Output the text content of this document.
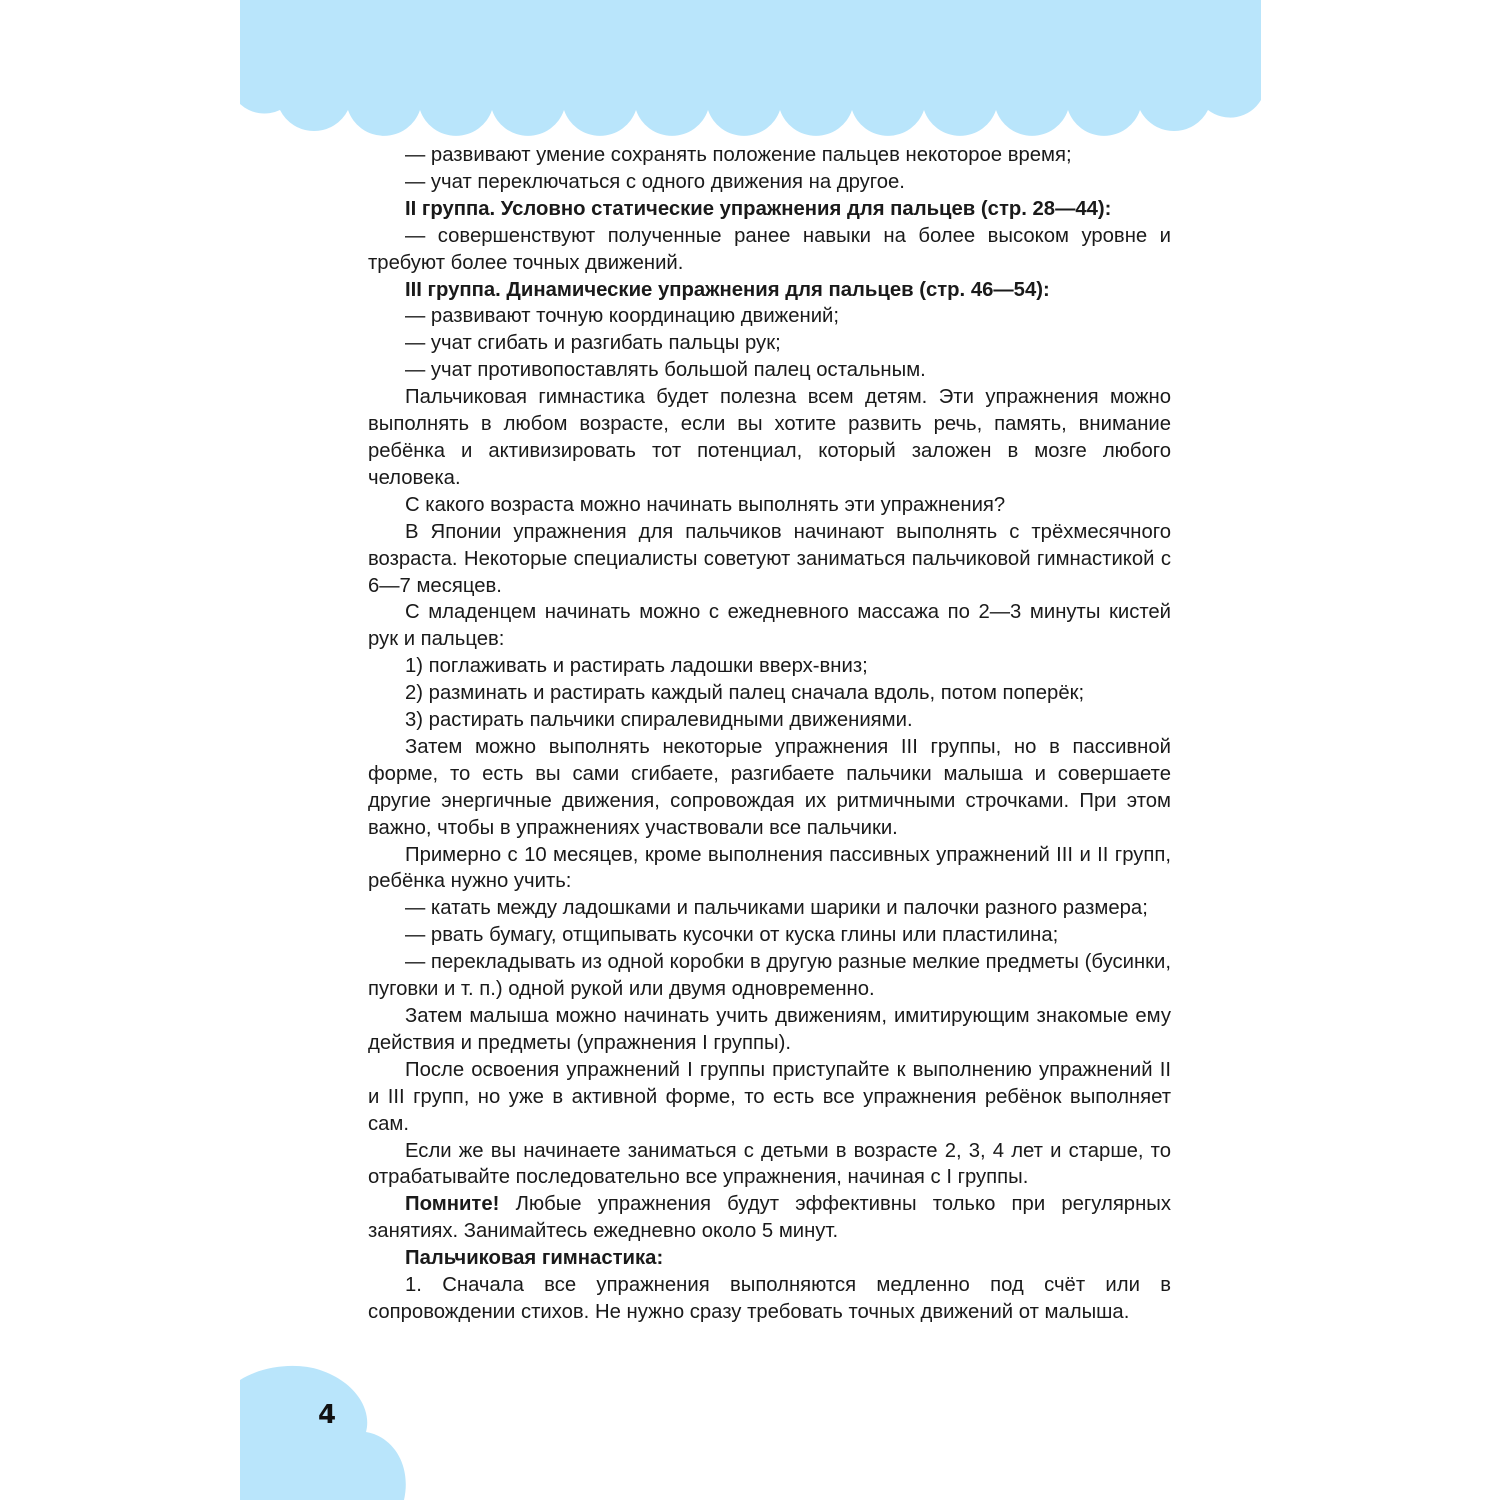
4

— развивают умение сохранять положение пальцев некоторое время;

— учат переключаться с одного движения на другое.

II группа. Условно статические упражнения для пальцев (стр. 28—44):

— совершенствуют полученные ранее навыки на более высоком уровне и требуют более точных движений.

III группа. Динамические упражнения для пальцев (стр. 46—54):

— развивают точную координацию движений;

— учат сгибать и разгибать пальцы рук;

— учат противопоставлять большой палец остальным.

Пальчиковая гимнастика будет полезна всем детям. Эти упражнения можно выполнять в любом возрасте, если вы хотите развить речь, память, внимание ребёнка и активизировать тот потенциал, который заложен в мозге любого человека.

С какого возраста можно начинать выполнять эти упражнения?

В Японии упражнения для пальчиков начинают выполнять с трёхмесячного возраста. Некоторые специалисты советуют заниматься пальчиковой гимнастикой с 6—7 месяцев.

С младенцем начинать можно с ежедневного массажа по 2—3 минуты кистей рук и пальцев:

1) поглаживать и растирать ладошки вверх-вниз;

2) разминать и растирать каждый палец сначала вдоль, потом поперёк;

3) растирать пальчики спиралевидными движениями.

Затем можно выполнять некоторые упражнения III группы, но в пассивной форме, то есть вы сами сгибаете, разгибаете пальчики малыша и совершаете другие энергичные движения, сопровождая их ритмичными строчками. При этом важно, чтобы в упражнениях участвовали все пальчики.

Примерно с 10 месяцев, кроме выполнения пассивных упражнений III и II групп, ребёнка нужно учить:

— катать между ладошками и пальчиками шарики и палочки разного размера;

— рвать бумагу, отщипывать кусочки от куска глины или пластилина;

— перекладывать из одной коробки в другую разные мелкие предметы (бусинки, пуговки и т. п.) одной рукой или двумя одновременно.

Затем малыша можно начинать учить движениям, имитирующим знакомые ему действия и предметы (упражнения I группы).

После освоения упражнений I группы приступайте к выполнению упражнений II и III групп, но уже в активной форме, то есть все упражнения ребёнок выполняет сам.

Если же вы начинаете заниматься с детьми в возрасте 2, 3, 4 лет и старше, то отрабатывайте последовательно все упражнения, начиная с I группы.

Помните! Любые упражнения будут эффективны только при регулярных занятиях. Занимайтесь ежедневно около 5 минут.

Пальчиковая гимнастика:

1. Сначала все упражнения выполняются медленно под счёт или в сопровождении стихов. Не нужно сразу требовать точных движений от малыша.
